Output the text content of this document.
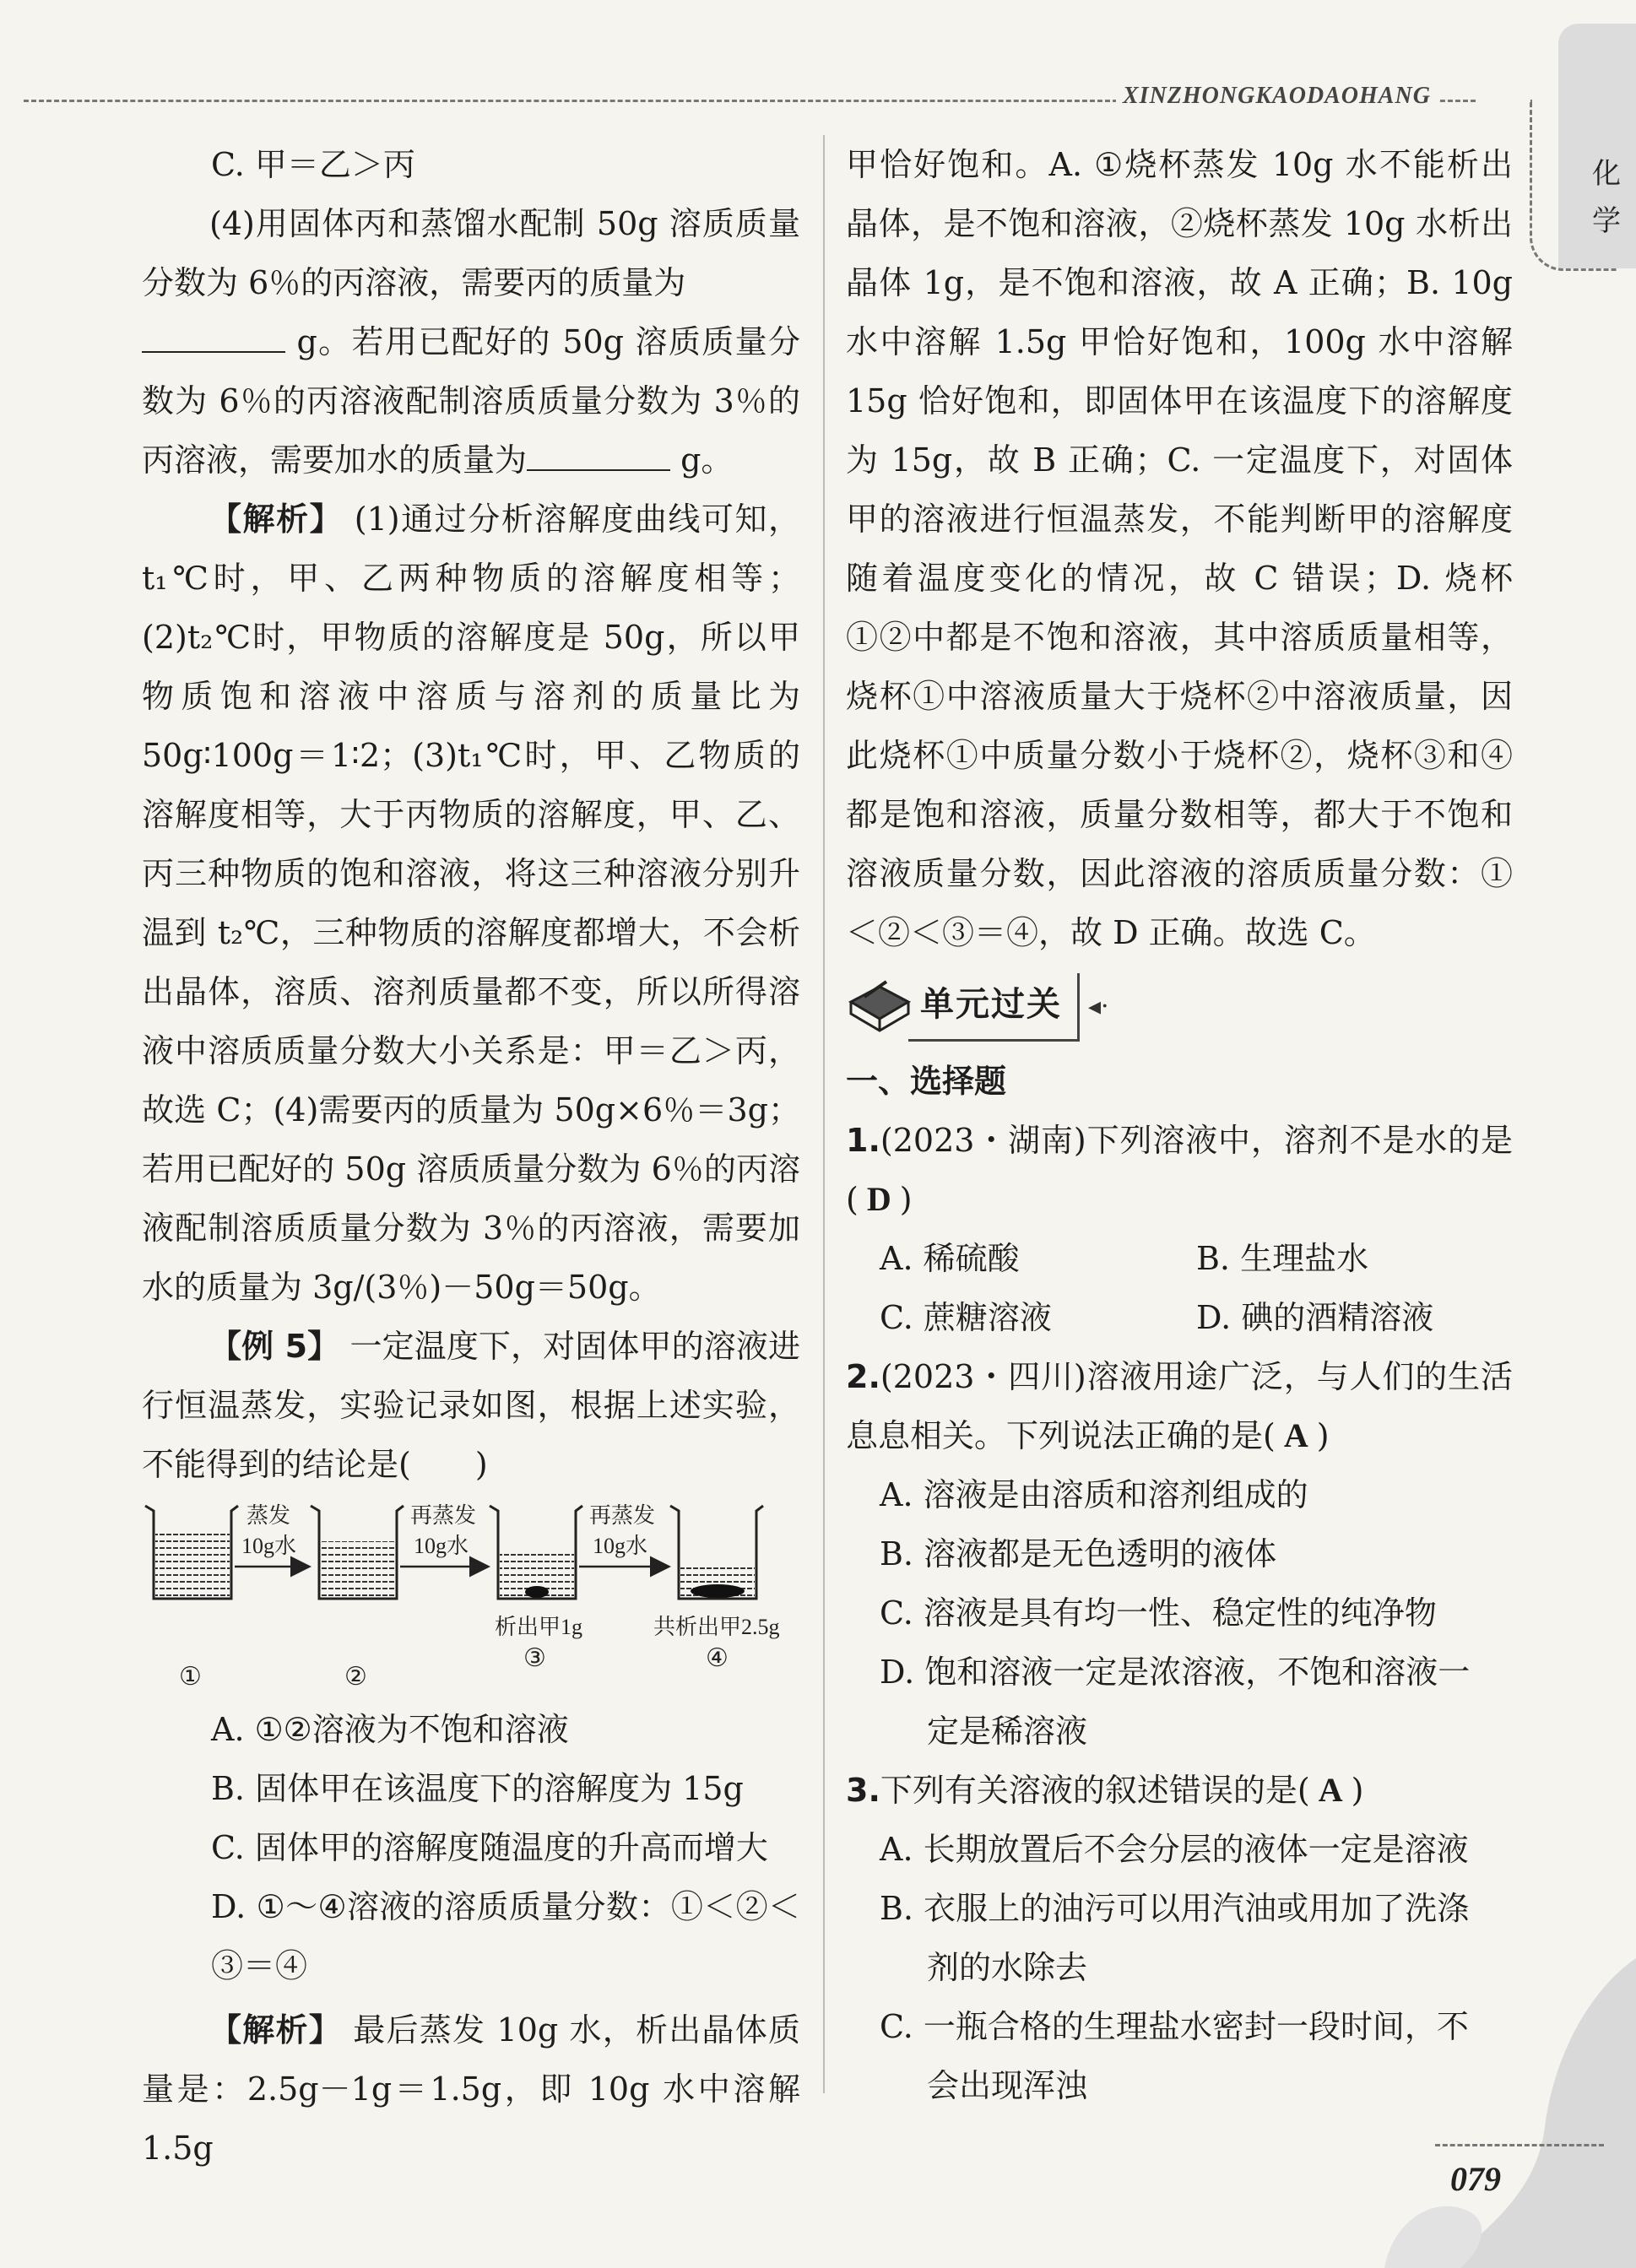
XINZHONGKAODAOHANG
化学

C. 甲＝乙＞丙

(4)用固体丙和蒸馏水配制 50g 溶质质量分数为 6％的丙溶液，需要丙的质量为

g。若用已配好的 50g 溶质质量分数为 6％的丙溶液配制溶质质量分数为 3％的丙溶液，需要加水的质量为	g。

【解析】 (1)通过分析溶解度曲线可知，t₁℃时，甲、乙两种物质的溶解度相等；(2)t₂℃时，甲物质的溶解度是 50g，所以甲物质饱和溶液中溶质与溶剂的质量比为 50g∶100g＝1∶2；(3)t₁℃时，甲、乙物质的溶解度相等，大于丙物质的溶解度，甲、乙、丙三种物质的饱和溶液，将这三种溶液分别升温到 t₂℃，三种物质的溶解度都增大，不会析出晶体，溶质、溶剂质量都不变，所以所得溶液中溶质质量分数大小关系是：甲＝乙＞丙，故选 C；(4)需要丙的质量为 50g×6％＝3g；若用已配好的 50g 溶质质量分数为 6％的丙溶液配制溶质质量分数为 3％的丙溶液，需要加水的质量为 3g/(3％)－50g＝50g。

【例 5】 一定温度下，对固体甲的溶液进行恒温蒸发，实验记录如图，根据上述实验，不能得到的结论是(　　)

蒸发
10g水
再蒸发
10g水
再蒸发
10g水
析出甲1g	共析出甲2.5g
①	②
③	④

A. ①②溶液为不饱和溶液

B. 固体甲在该温度下的溶解度为 15g

C. 固体甲的溶解度随温度的升高而增大

D. ①～④溶液的溶质质量分数：①＜②＜③＝④

【解析】 最后蒸发 10g 水，析出晶体质量是：2.5g－1g＝1.5g，即 10g 水中溶解 1.5g

甲恰好饱和。A. ①烧杯蒸发 10g 水不能析出晶体，是不饱和溶液，②烧杯蒸发 10g 水析出晶体 1g，是不饱和溶液，故 A 正确；B. 10g 水中溶解 1.5g 甲恰好饱和，100g 水中溶解 15g 恰好饱和，即固体甲在该温度下的溶解度为 15g，故 B 正确；C. 一定温度下，对固体甲的溶液进行恒温蒸发，不能判断甲的溶解度随着温度变化的情况，故 C 错误；D. 烧杯①②中都是不饱和溶液，其中溶质质量相等，烧杯①中溶液质量大于烧杯②中溶液质量，因此烧杯①中质量分数小于烧杯②，烧杯③和④都是饱和溶液，质量分数相等，都大于不饱和溶液质量分数，因此溶液的溶质质量分数：①＜②＜③＝④，故 D 正确。故选 C。

单元过关	◂·

一、选择题

1.(2023・湖南)下列溶液中，溶剂不是水的是( D )

A. 稀硫酸	B. 生理盐水
C. 蔗糖溶液	D. 碘的酒精溶液

2.(2023・四川)溶液用途广泛，与人们的生活息息相关。下列说法正确的是( A )

A. 溶液是由溶质和溶剂组成的

B. 溶液都是无色透明的液体

C. 溶液是具有均一性、稳定性的纯净物

D. 饱和溶液一定是浓溶液，不饱和溶液一

定是稀溶液

3.下列有关溶液的叙述错误的是( A )

A. 长期放置后不会分层的液体一定是溶液

B. 衣服上的油污可以用汽油或用加了洗涤

剂的水除去

C. 一瓶合格的生理盐水密封一段时间，不

会出现浑浊

079
